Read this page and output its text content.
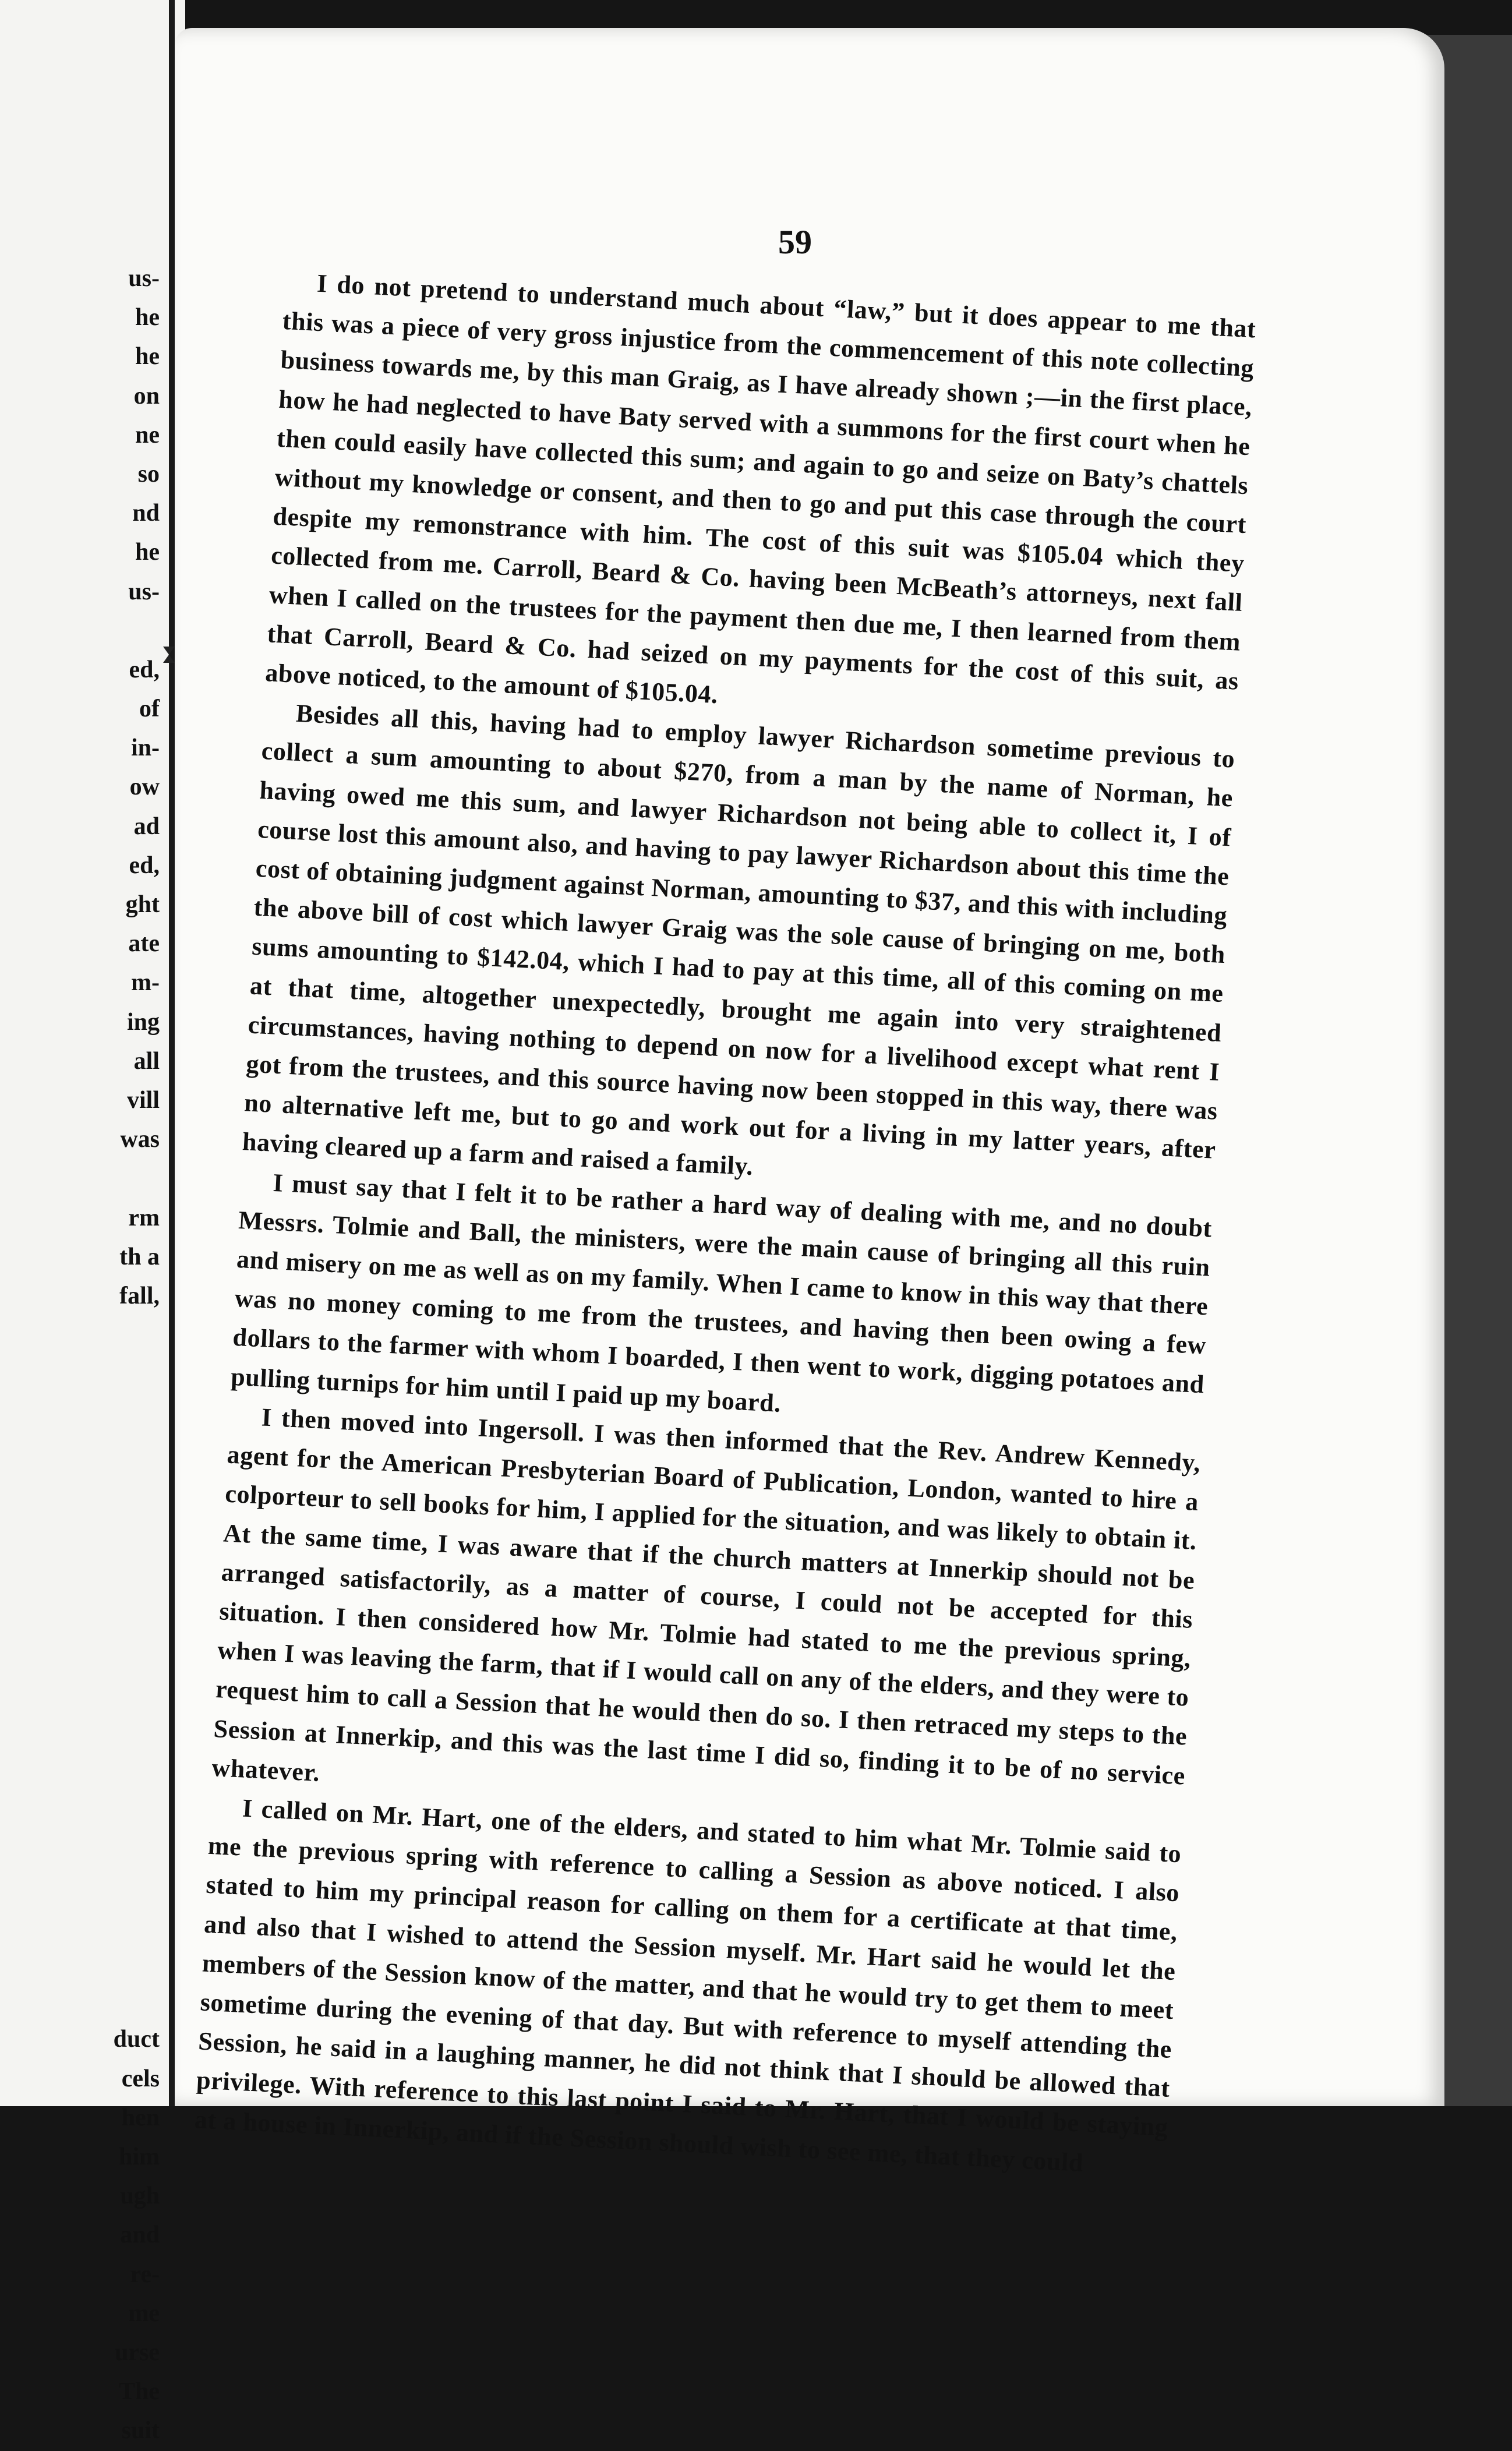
us-
he
he
on
ne
so
nd
he
us-
ed,
of
in-
ow
ad
ed,
ght
ate
m-
ing
all
vill
was
rm
th a
fall,
duct
cels
hen
him
ugh
and
re-
me
urse
The
suit

59

I do not pretend to understand much about “law,” but it does appear to me that this was a piece of very gross injustice from the commencement of this note collecting business towards me, by this man Graig, as I have already shown ;—in the first place, how he had neglected to have Baty served with a summons for the first court when he then could easily have collected this sum; and again to go and seize on Baty’s chattels without my knowledge or consent, and then to go and put this case through the court despite my remonstrance with him. The cost of this suit was $105.04 which they collected from me. Carroll, Beard & Co. having been McBeath’s attorneys, next fall when I called on the trustees for the payment then due me, I then learned from them that Carroll, Beard & Co. had seized on my payments for the cost of this suit, as above noticed, to the amount of $105.04.

Besides all this, having had to employ lawyer Richardson sometime previous to collect a sum amounting to about $270, from a man by the name of Norman, he having owed me this sum, and lawyer Richardson not being able to collect it, I of course lost this amount also, and having to pay lawyer Richardson about this time the cost of obtaining judgment against Norman, amounting to $37, and this with including the above bill of cost which lawyer Graig was the sole cause of bringing on me, both sums amounting to $142.04, which I had to pay at this time, all of this coming on me at that time, altogether unexpectedly, brought me again into very straightened circumstances, having nothing to depend on now for a livelihood except what rent I got from the trustees, and this source having now been stopped in this way, there was no alternative left me, but to go and work out for a living in my latter years, after having cleared up a farm and raised a family.

I must say that I felt it to be rather a hard way of dealing with me, and no doubt Messrs. Tolmie and Ball, the ministers, were the main cause of bringing all this ruin and misery on me as well as on my family. When I came to know in this way that there was no money coming to me from the trustees, and having then been owing a few dollars to the farmer with whom I boarded, I then went to work, digging potatoes and pulling turnips for him until I paid up my board.

I then moved into Ingersoll. I was then informed that the Rev. Andrew Kennedy, agent for the American Presbyterian Board of Publication, London, wanted to hire a colporteur to sell books for him, I applied for the situation, and was likely to obtain it. At the same time, I was aware that if the church matters at Innerkip should not be arranged satisfactorily, as a matter of course, I could not be accepted for this situation. I then considered how Mr. Tolmie had stated to me the previous spring, when I was leaving the farm, that if I would call on any of the elders, and they were to request him to call a Session that he would then do so. I then retraced my steps to the Session at Innerkip, and this was the last time I did so, finding it to be of no service whatever.

I called on Mr. Hart, one of the elders, and stated to him what Mr. Tolmie said to me the previous spring with reference to calling a Session as above noticed. I also stated to him my principal reason for calling on them for a certificate at that time, and also that I wished to attend the Session myself. Mr. Hart said he would let the members of the Session know of the matter, and that he would try to get them to meet sometime during the evening of that day. But with reference to myself attending the Session, he said in a laughing manner, he did not think that I should be allowed that privilege. With reference to this last point I said to Mr. Hart, that I would be staying at a house in Innerkip, and if the Session should wish to see me, that they could
